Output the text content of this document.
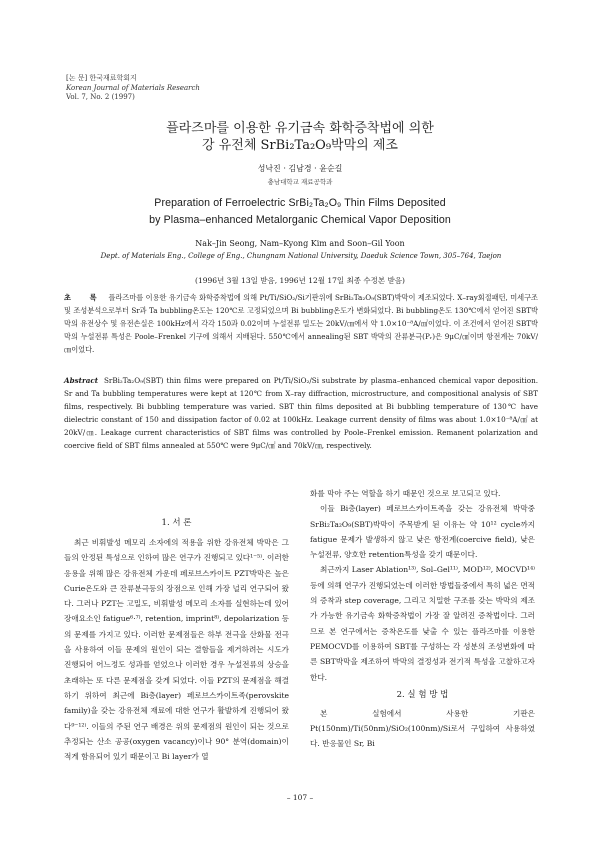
[논 문] 한국재료학회지
Korean Journal of Materials Research
Vol. 7, No. 2 (1997)
플라즈마를 이용한 유기금속 화학증착법에 의한
강 유전체 SrBi₂Ta₂O₉박막의 제조
성낙진 · 김남경 · 윤순길
충남대학교 재료공학과
Preparation of Ferroelectric SrBi₂Ta₂O₉ Thin Films Deposited
by Plasma–enhanced Metalorganic Chemical Vapor Deposition
Nak–Jin Seong, Nam–Kyong Kim and Soon–Gil Yoon
Dept. of Materials Eng., College of Eng., Chungnam National University, Daeduk Science Town, 305–764, Taejon
(1996년 3월 13일 받음, 1996년 12월 17일 최종 수정본 받음)
초 록 플라즈마를 이용한 유기금속 화학증착법에 의해 Pt/Ti/SiO₂/Si기판위에 SrBi₂Ta₂O₉(SBT)박막이 제조되었다. X–ray회절패턴, 미세구조 및 조성분석으로부터 Sr과 Ta bubbling온도는 120℃로 고정되었으며 Bi bubbling온도가 변화되었다. Bi bubbling온도 130℃에서 얻어진 SBT박막의 유전상수 및 유전손실은 100kHz에서 각각 150과 0.02이며 누설전류 밀도는 20kV/㎝에서 약 1.0×10⁻⁸A/㎠이었다. 이 조건에서 얻어진 SBT박막의 누설전류 특성은 Poole–Frenkel 기구에 의해서 지배된다. 550℃에서 annealing된 SBT 박막의 잔류분극(Pᵣ)은 9μC/㎠이며 항전계는 70kV/㎝이었다.
Abstract SrBi₂Ta₂O₉(SBT) thin films were prepared on Pt/Ti/SiO₂/Si substrate by plasma–enhanced chemical vapor deposition. Sr and Ta bubbling temperatures were kept at 120℃ from X–ray diffraction, microstructure, and compositional analysis of SBT films, respectively. Bi bubbling temperature was varied. SBT thin films deposited at Bi bubbling temperature of 130℃ have dielectric constant of 150 and dissipation factor of 0.02 at 100kHz. Leakage current density of films was about 1.0×10⁻⁸A/㎠ at 20kV/㎝. Leakage current characteristics of SBT films was controlled by Poole–Frenkel emission. Remanent polarization and coercive field of SBT films annealed at 550℃ were 9μC/㎠ and 70kV/㎝, respectively.
1. 서 론

최근 비휘발성 메모리 소자에의 적용을 위한 강유전체 박막은 그들의 안정된 특성으로 인하여 많은 연구가 진행되고 있다¹⁻⁵⁾. 이러한 응용을 위해 많은 강유전체 가운데 페로브스카이트 PZT박막은 높은 Curie온도와 큰 잔류분극등의 장점으로 인해 가장 널리 연구되어 왔다. 그러나 PZT는 고밀도, 비휘발성 메모리 소자를 실현하는데 있어 장애요소인 fatigue⁶·⁷⁾, retention, imprint⁸⁾, depolarization 등의 문제를 가지고 있다. 이러한 문제점들은 하부 전극을 산화물 전극을 사용하여 이들 문제의 원인이 되는 결함들을 제거하려는 시도가 진행되어 어느정도 성과를 얻었으나 이러한 경우 누설전류의 상승을 초래하는 또 다른 문제점을 갖게 되었다. 이들 PZT의 문제점을 해결하기 위하여 최근에 Bi층(layer) 페로브스카이트족(perovskite family)을 갖는 강유전체 재료에 대한 연구가 활발하게 진행되어 왔다⁹⁻¹²⁾. 이들의 주된 연구 배경은 위의 문제점의 원인이 되는 것으로 추정되는 산소 공공(oxygen vacancy)이나 90° 분역(domain)이 적게 함유되어 있기 때문이고 Bi layer가 열

화를 막아 주는 역할을 하기 때문인 것으로 보고되고 있다.

이들 Bi층(layer) 페로브스카이트족을 갖는 강유전체 박막중 SrBi₂Ta₂O₉(SBT)박막이 주목받게 된 이유는 약 10¹² cycle까지 fatigue 문제가 발생하지 않고 낮은 항전계(coercive field), 낮은 누설전류, 양호한 retention특성을 갖기 때문이다.

최근까지 Laser Ablation¹³⁾, Sol–Gel¹¹⁾, MOD¹²⁾, MOCVD¹⁴⁾ 등에 의해 연구가 진행되었는데 이러한 방법들중에서 특히 넓은 면적의 증착과 step coverage, 그리고 치밀한 구조를 갖는 박막의 제조가 가능한 유기금속 화학증착법이 가장 잘 알려진 증착법이다. 그러므로 본 연구에서는 증착온도를 낮출 수 있는 플라즈마를 이용한 PEMOCVD를 이용하여 SBT를 구성하는 각 성분의 조성변화에 따른 SBT박막을 제조하여 박막의 결정성과 전기적 특성을 고찰하고자 한다.

2. 실 험 방 법

본 실험에서 사용한 기판은 Pt(150nm)/Ti(50nm)/SiO₂(100nm)/Si로서 구입하여 사용하였다. 반응물인 Sr, Bi

– 107 –
